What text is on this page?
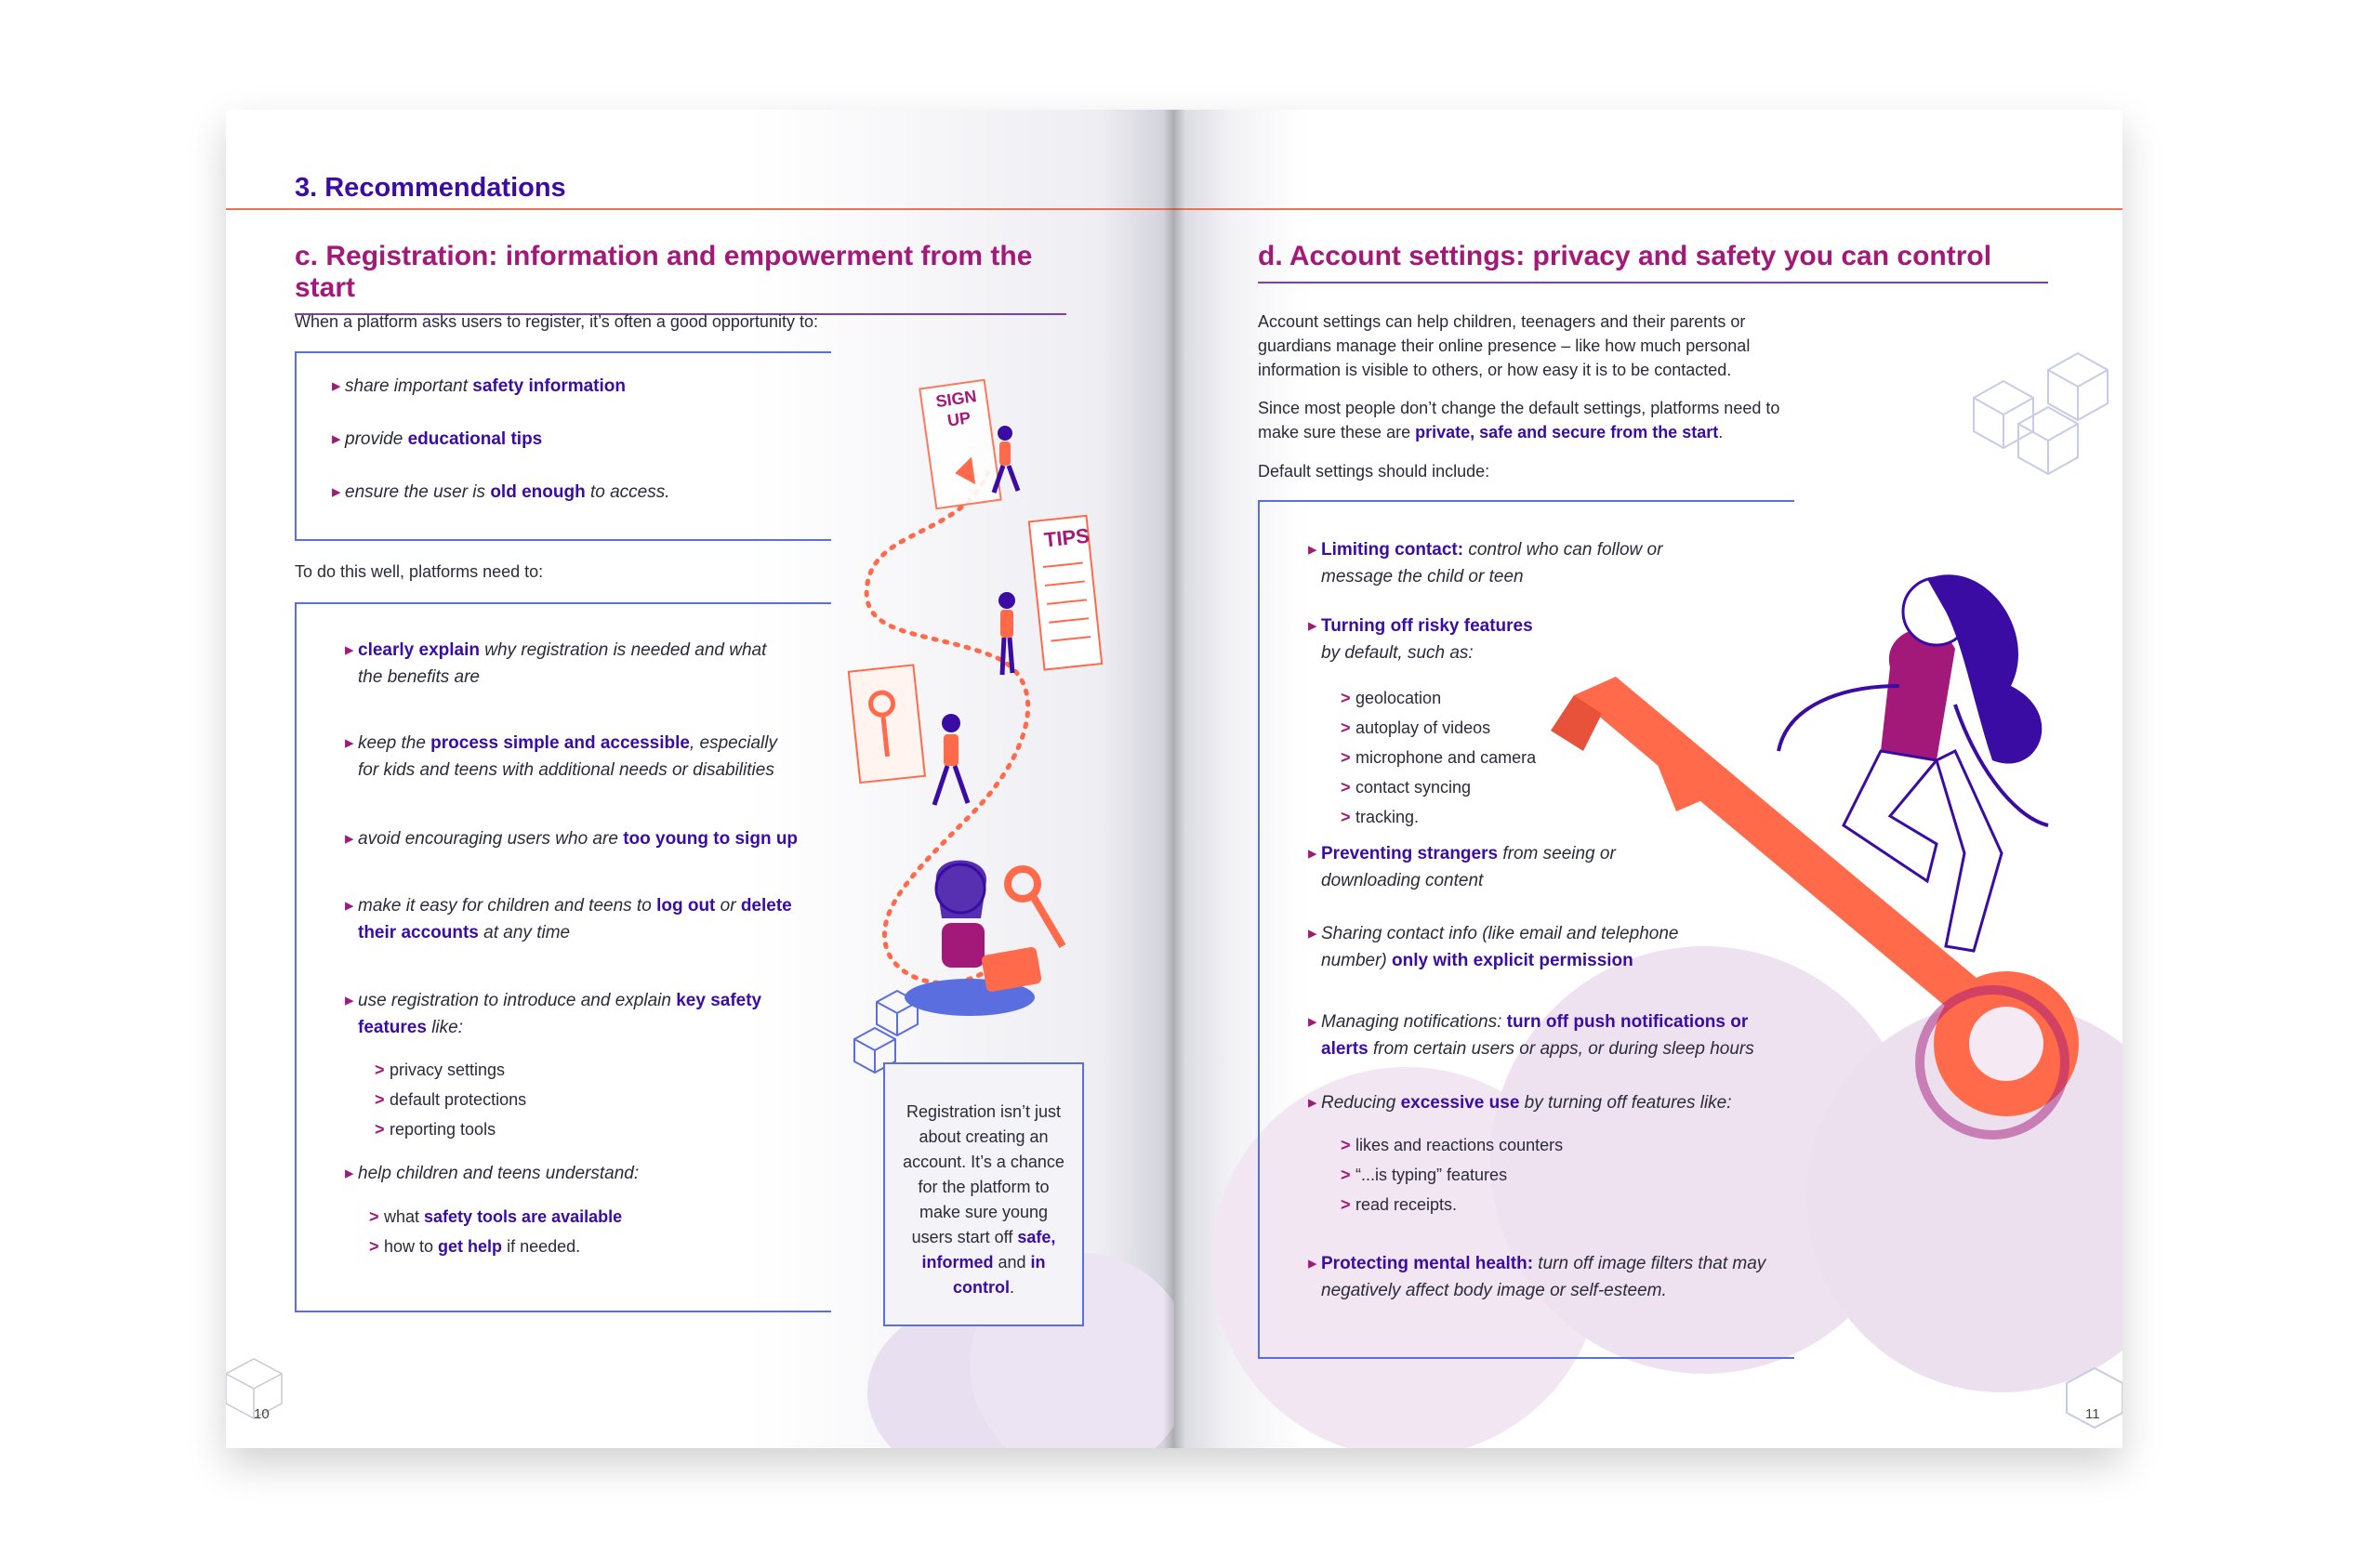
3. Recommendations
c. Registration: information and empowerment from the start

When a platform asks users to register, it’s often a good opportunity to:

▸ share important safety information
▸ provide educational tips
▸ ensure the user is old enough to access.

To do this well, platforms need to:

▸ clearly explain why registration is needed and what
the benefits are
▸ keep the process simple and accessible, especially
for kids and teens with additional needs or disabilities
▸ avoid encouraging users who are too young to sign up
▸ make it easy for children and teens to log out or delete
their accounts at any time
▸ use registration to introduce and explain key safety
features like:
▸ help children and teens understand:
> privacy settings
> default protections
> reporting tools
> what safety tools are available
> how to get help if needed.
SIGN UP
TIPS
Registration isn’t just about creating an account. It’s a chance for the platform to make sure young users start off safe, informed and in control.
10
d. Account settings: privacy and safety you can control

Account settings can help children, teenagers and their parents or guardians manage their online presence – like how much personal information is visible to others, or how easy it is to be contacted.

Since most people don’t change the default settings, platforms need to make sure these are private, safe and secure from the start.

Default settings should include:

▸ Limiting contact: control who can follow or
message the child or teen
▸ Turning off risky features
by default, such as:
▸ Preventing strangers from seeing or
downloading content
▸ Sharing contact info (like email and telephone
number) only with explicit permission
▸ Managing notifications: turn off push notifications or
alerts from certain users or apps, or during sleep hours
▸ Reducing excessive use by turning off features like:
▸ Protecting mental health: turn off image filters that may
negatively affect body image or self-esteem.
> geolocation
> autoplay of videos
> microphone and camera
> contact syncing
> tracking.
> likes and reactions counters
> “...is typing” features
> read receipts.
11
